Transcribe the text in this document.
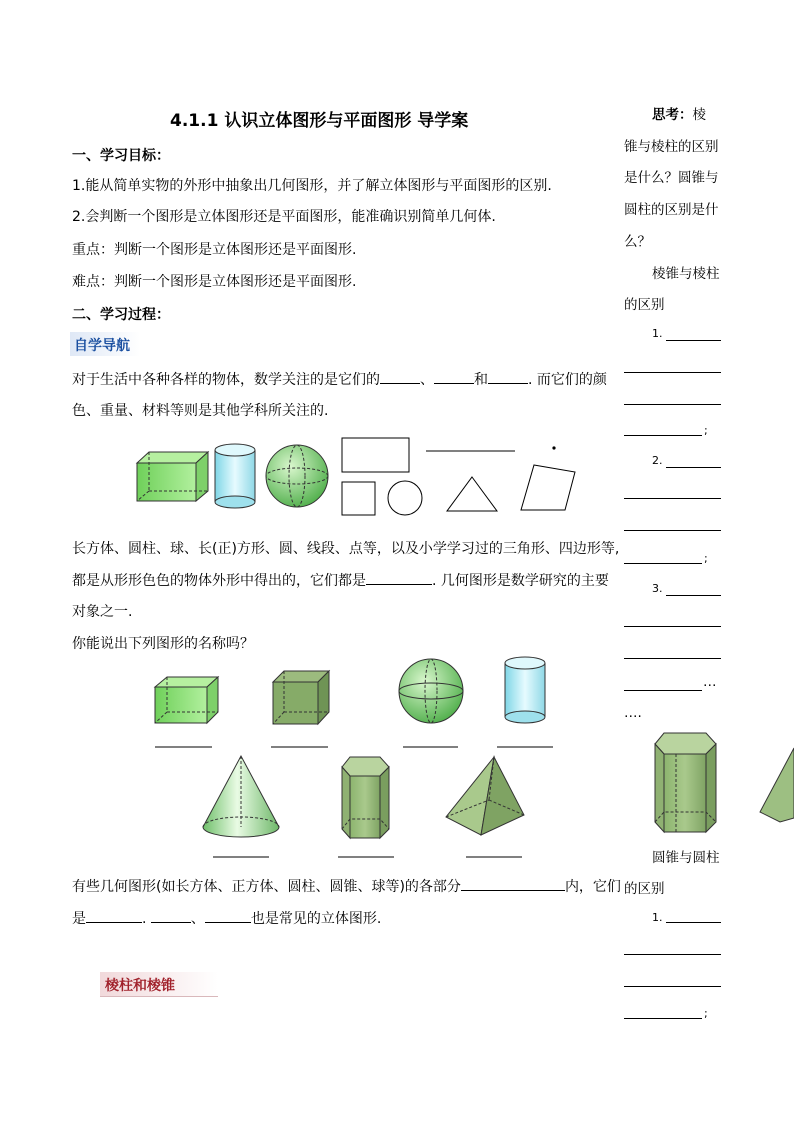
4.1.1 认识立体图形与平面图形 导学案
一、学习目标：
1.能从简单实物的外形中抽象出几何图形，并了解立体图形与平面图形的区别.
2.会判断一个图形是立体图形还是平面图形，能准确识别简单几何体.
重点：判断一个图形是立体图形还是平面图形.
难点：判断一个图形是立体图形还是平面图形.
二、学习过程：
自学导航
对于生活中各种各样的物体，数学关注的是它们的	、	和	. 而它们的颜
色、重量、材料等则是其他学科所关注的.
长方体、圆柱、球、长(正)方形、圆、线段、点等，以及小学学习过的三角形、四边形等,
都是从形形色色的物体外形中得出的，它们都是	. 几何图形是数学研究的主要
对象之一.
你能说出下列图形的名称吗？
有些几何图形(如长方体、正方体、圆柱、圆锥、球等)的各部分	内，它们
是	.	、	也是常见的立体图形.
棱柱和棱锥
思考：棱
锥与棱柱的区别
是什么？圆锥与
圆柱的区别是什
么？
棱锥与棱柱
的区别
1.
;
2.
;
3.
…
….
圆锥与圆柱
的区别
1.
;
